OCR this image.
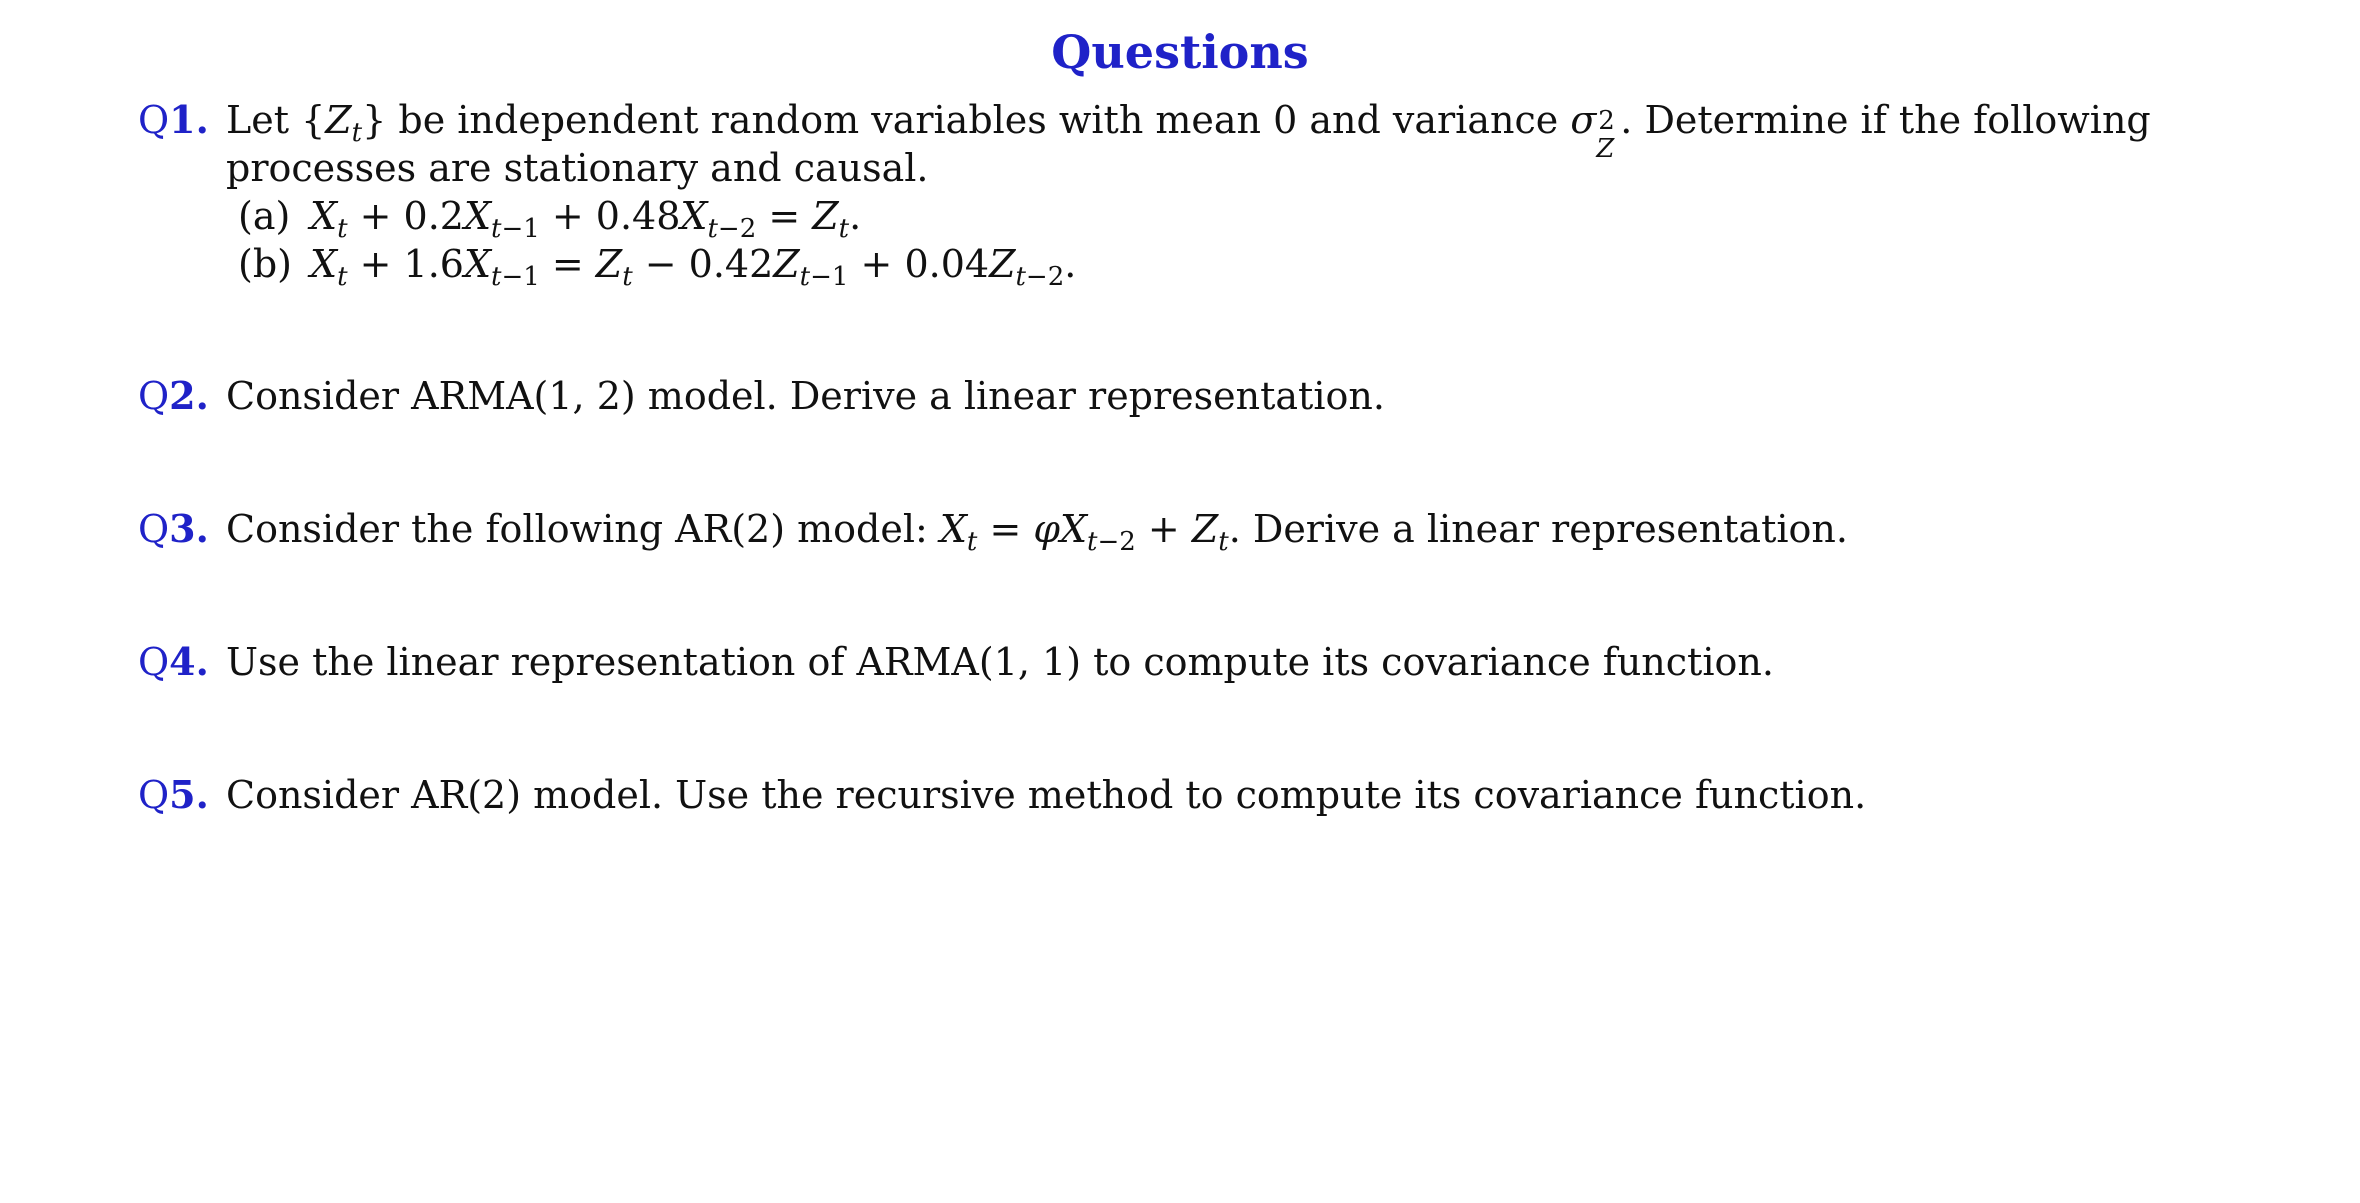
Questions
Q1. Let $\{Z_t\}$ be independent random variables with mean 0 and variance σ 2
Z
. Determine if the following processes are stationary and causal.
(a) $X_t + 0.2X_{t-1} + 0.48X_{t-2} = Z_t$.
(b) $X_t + 1.6X_{t-1} = Z_t - 0.42Z_{t-1} + 0.04Z_{t-2}$.
Q2. Consider ARMA(1, 2) model. Derive a linear representation.
Q3. Consider the following AR(2) model: $X_t = \varphi X_{t-2} + Z_t$. Derive a linear representation.
Q4. Use the linear representation of ARMA(1, 1) to compute its covariance function.
Q5. Consider AR(2) model. Use the recursive method to compute its covariance function.
